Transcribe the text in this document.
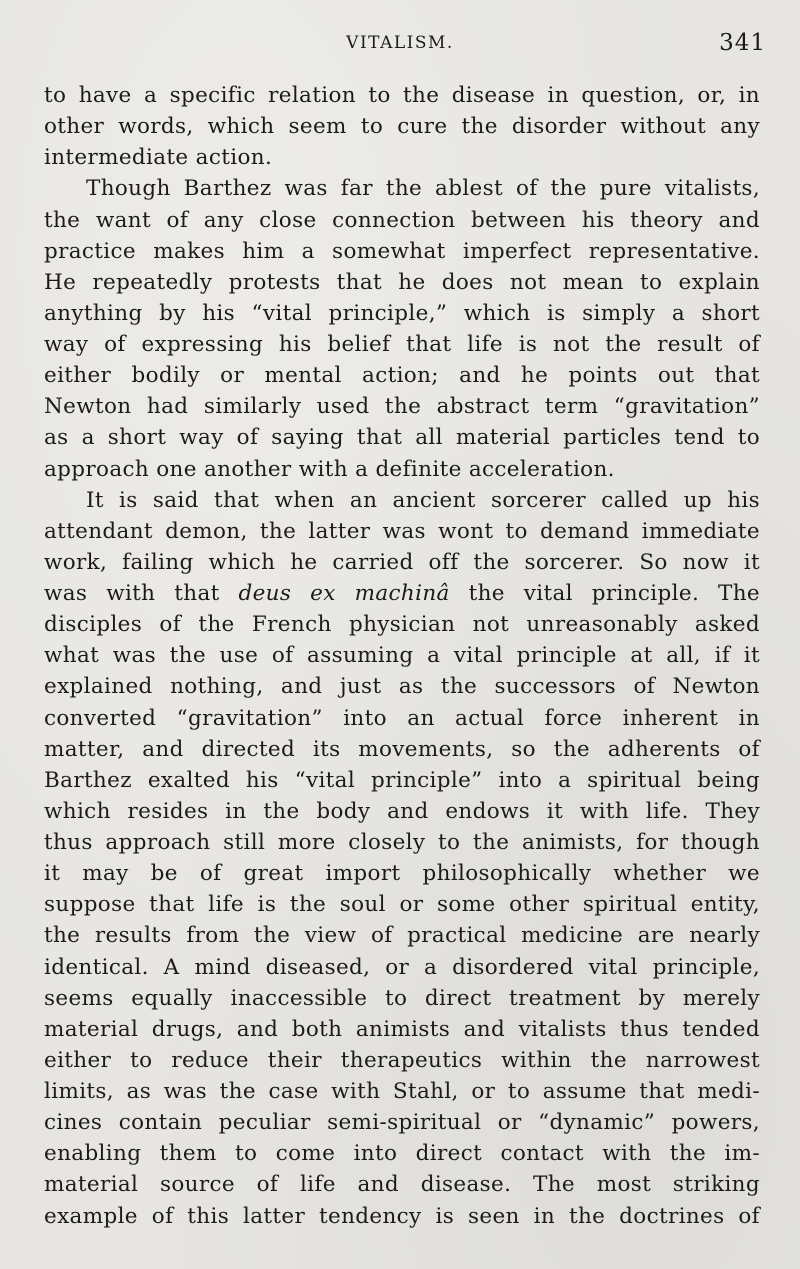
VITALISM.	341
to have a specific relation to the disease in question, or, in
other words, which seem to cure the disorder without any
intermediate action.
Though Barthez was far the ablest of the pure vitalists,
the want of any close connection between his theory and
practice makes him a somewhat imperfect representative.
He repeatedly protests that he does not mean to explain
anything by his “vital principle,” which is simply a short
way of expressing his belief that life is not the result of
either bodily or mental action; and he points out that
Newton had similarly used the abstract term “gravitation”
as a short way of saying that all material particles tend to
approach one another with a definite acceleration.
It is said that when an ancient sorcerer called up his
attendant demon, the latter was wont to demand immediate
work, failing which he carried off the sorcerer. So now it
was with that deus ex machinâ the vital principle. The
disciples of the French physician not unreasonably asked
what was the use of assuming a vital principle at all, if it
explained nothing, and just as the successors of Newton
converted “gravitation” into an actual force inherent in
matter, and directed its movements, so the adherents of
Barthez exalted his “vital principle” into a spiritual being
which resides in the body and endows it with life. They
thus approach still more closely to the animists, for though
it may be of great import philosophically whether we
suppose that life is the soul or some other spiritual entity,
the results from the view of practical medicine are nearly
identical. A mind diseased, or a disordered vital principle,
seems equally inaccessible to direct treatment by merely
material drugs, and both animists and vitalists thus tended
either to reduce their therapeutics within the narrowest
limits, as was the case with Stahl, or to assume that medi-
cines contain peculiar semi-spiritual or “dynamic” powers,
enabling them to come into direct contact with the im-
material source of life and disease. The most striking
example of this latter tendency is seen in the doctrines of
